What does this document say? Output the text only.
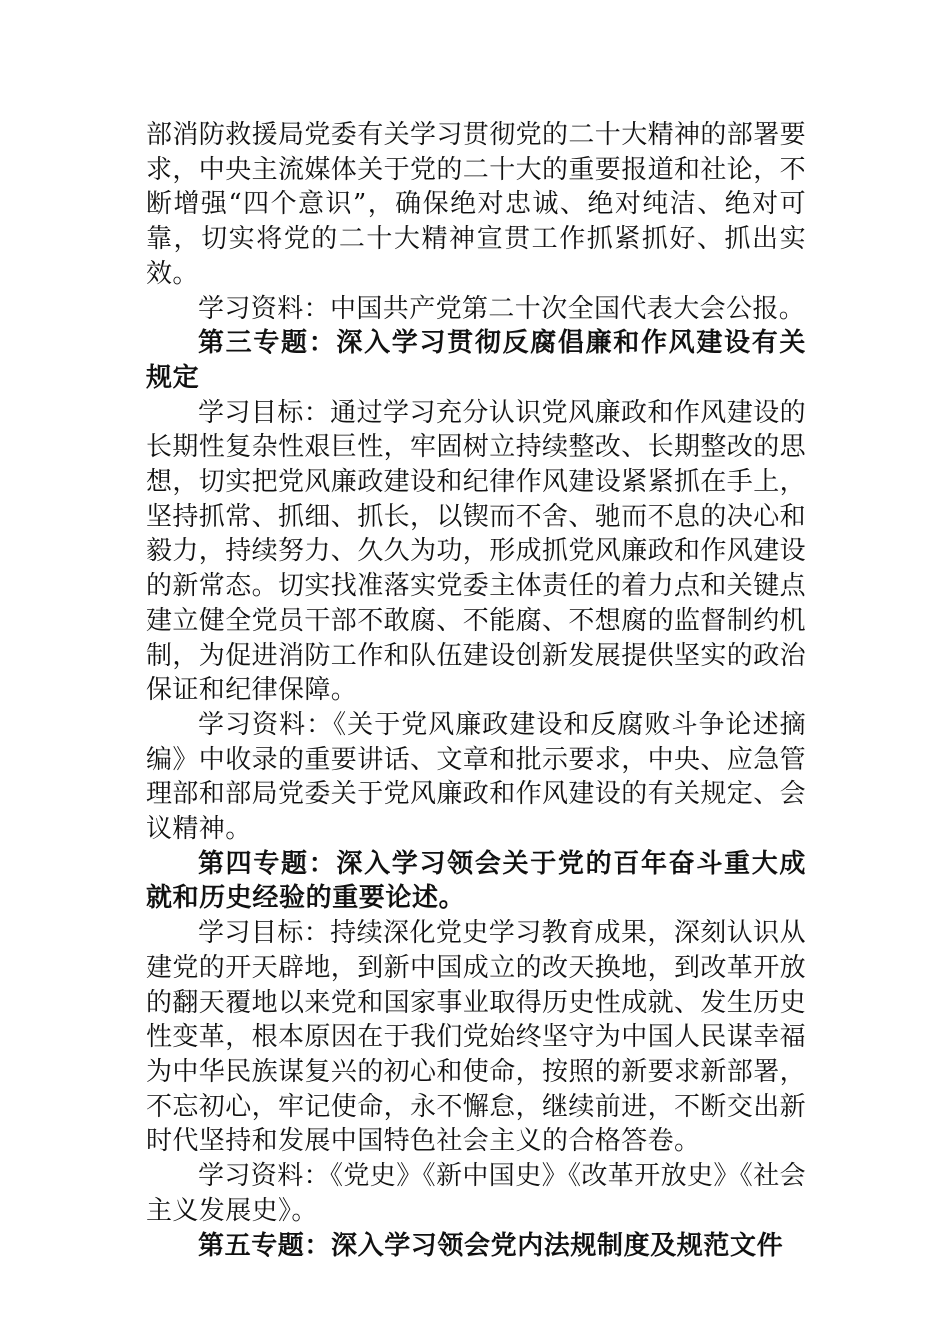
部消防救援局党委有关学习贯彻党的二十大精神的部署要求，中央主流媒体关于党的二十大的重要报道和社论，不断增强“四个意识”，确保绝对忠诚、绝对纯洁、绝对可靠，切实将党的二十大精神宣贯工作抓紧抓好、抓出实效。

学习资料：中国共产党第二十次全国代表大会公报。

第三专题：深入学习贯彻反腐倡廉和作风建设有关规定

学习目标：通过学习充分认识党风廉政和作风建设的长期性复杂性艰巨性，牢固树立持续整改、长期整改的思想，切实把党风廉政建设和纪律作风建设紧紧抓在手上，坚持抓常、抓细、抓长，以锲而不舍、驰而不息的决心和毅力，持续努力、久久为功，形成抓党风廉政和作风建设的新常态。切实找准落实党委主体责任的着力点和关键点建立健全党员干部不敢腐、不能腐、不想腐的监督制约机制，为促进消防工作和队伍建设创新发展提供坚实的政治保证和纪律保障。

学习资料：《关于党风廉政建设和反腐败斗争论述摘编》中收录的重要讲话、文章和批示要求，中央、应急管理部和部局党委关于党风廉政和作风建设的有关规定、会议精神。

第四专题：深入学习领会关于党的百年奋斗重大成就和历史经验的重要论述。

学习目标：持续深化党史学习教育成果，深刻认识从建党的开天辟地，到新中国成立的改天换地，到改革开放的翻天覆地以来党和国家事业取得历史性成就、发生历史性变革，根本原因在于我们党始终坚守为中国人民谋幸福为中华民族谋复兴的初心和使命，按照的新要求新部署，不忘初心，牢记使命，永不懈怠，继续前进，不断交出新时代坚持和发展中国特色社会主义的合格答卷。

学习资料：《党史》《新中国史》《改革开放史》《社会主义发展史》。

第五专题：深入学习领会党内法规制度及规范文件
